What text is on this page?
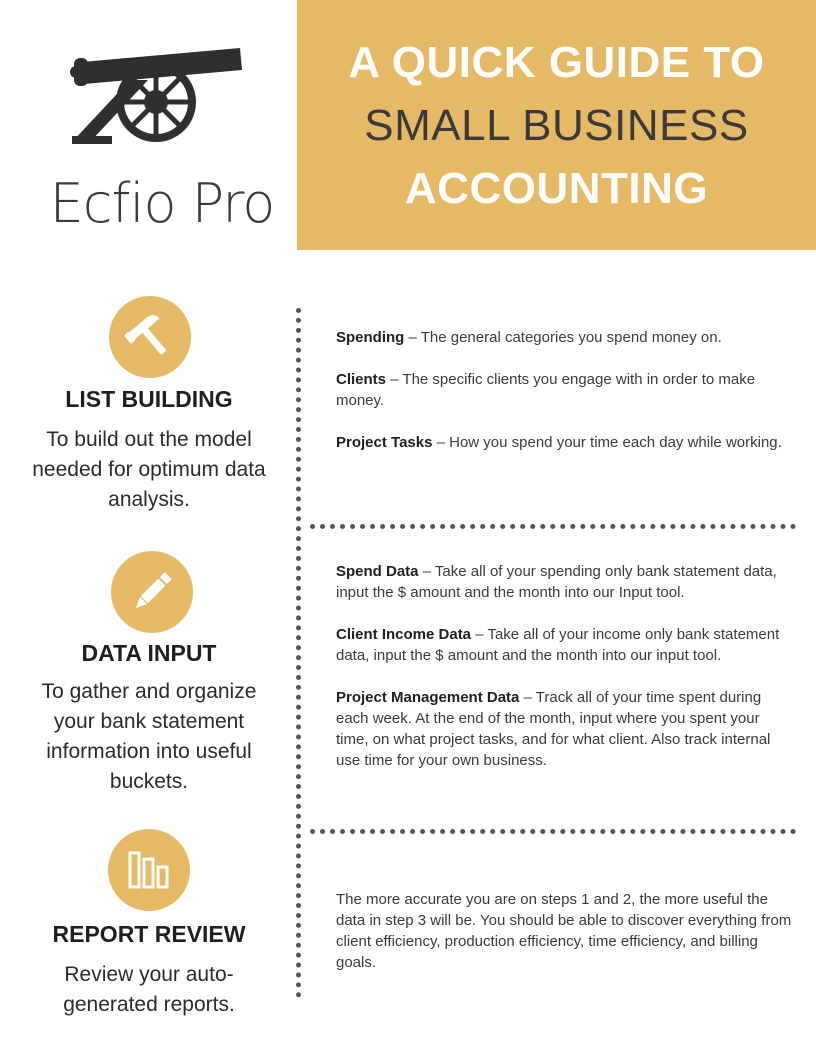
Ecfio Pro
A QUICK GUIDE TO
SMALL BUSINESS
ACCOUNTING
LIST BUILDING
To build out the model needed for optimum data analysis.
Spending – The general categories you spend money on.
Clients – The specific clients you engage with in order to make money.
Project Tasks – How you spend your time each day while working.
DATA INPUT
To gather and organize your bank statement information into useful buckets.
Spend Data – Take all of your spending only bank statement data, input the $ amount and the month into our Input tool.
Client Income Data – Take all of your income only bank statement data, input the $ amount and the month into our input tool.
Project Management Data – Track all of your time spent during each week. At the end of the month, input where you spent your time, on what project tasks, and for what client. Also track internal use time for your own business.
REPORT REVIEW
Review your auto-generated reports.
The more accurate you are on steps 1 and 2, the more useful the data in step 3 will be. You should be able to discover everything from client efficiency, production efficiency, time efficiency, and billing goals.
